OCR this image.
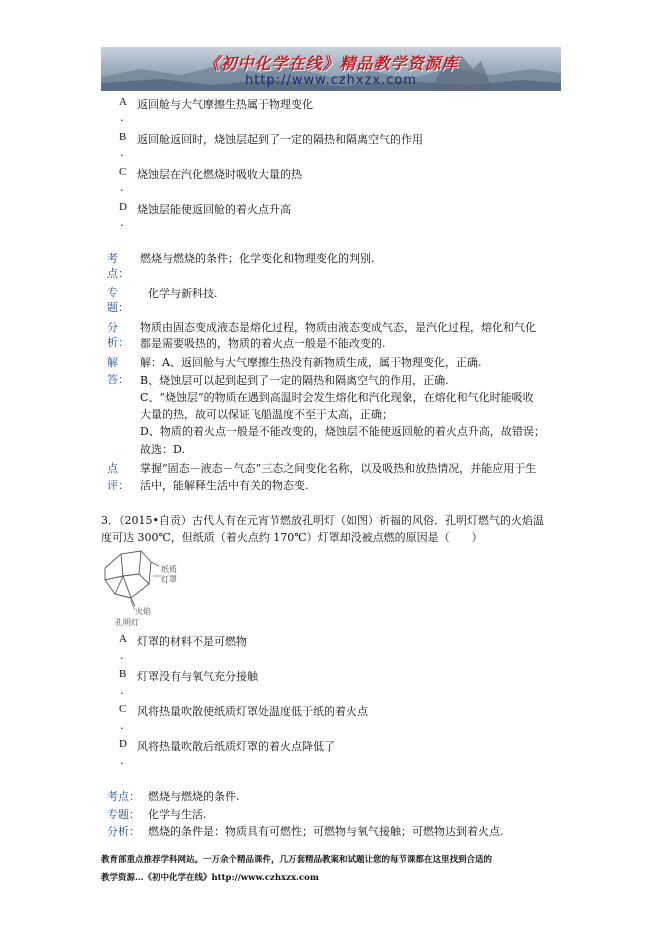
《初中化学在线》精品教学资源库
http://www.czhxzx.com
A 返回舱与大气摩擦生热属于物理变化
.
B 返回舱返回时，烧蚀层起到了一定的隔热和隔离空气的作用
.
C 烧蚀层在汽化燃烧时吸收大量的热
.
D 烧蚀层能使返回舱的着火点升高
.
考
点：
燃烧与燃烧的条件；化学变化和物理变化的判别.
专
题：
化学与新科技.
分
析：
物质由固态变成液态是熔化过程，物质由液态变成气态，是汽化过程，熔化和气化
都是需要吸热的，物质的着火点一般是不能改变的.
解
答：
解：A、返回舱与大气摩擦生热没有新物质生成，属于物理变化，正确.
B、烧蚀层可以起到起到了一定的隔热和隔离空气的作用，正确.
C、“烧蚀层”的物质在遇到高温时会发生熔化和汽化现象，在熔化和气化时能吸收
大量的热，故可以保证飞船温度不至于太高，正确；
D、物质的着火点一般是不能改变的，烧蚀层不能使返回舱的着火点升高，故错误；
故选：D.
点
评：
掌握“固态－液态－气态”三态之间变化名称，以及吸热和放热情况，并能应用于生
活中，能解释生活中有关的物态变.
3．（2015•自贡）古代人有在元宵节燃放孔明灯（如图）祈福的风俗．孔明灯燃气的火焰温
度可达 300℃，但纸质（着火点约 170℃）灯罩却没被点燃的原因是（　　）
纸质
灯罩
火焰
孔明灯
A 灯罩的材料不是可燃物
.
B 灯罩没有与氧气充分接触
.
C 风将热量吹散使纸质灯罩处温度低于纸的着火点
.
D 风将热量吹散后纸质灯罩的着火点降低了
.
考点： 燃烧与燃烧的条件.
专题： 化学与生活.
分析： 燃烧的条件是：物质具有可燃性；可燃物与氧气接触；可燃物达到着火点.
教育部重点推荐学科网站。一万余个精品课件，几万套精品教案和试题让您的每节课都在这里找到合适的
教学资源…《初中化学在线》http://www.czhxzx.com
